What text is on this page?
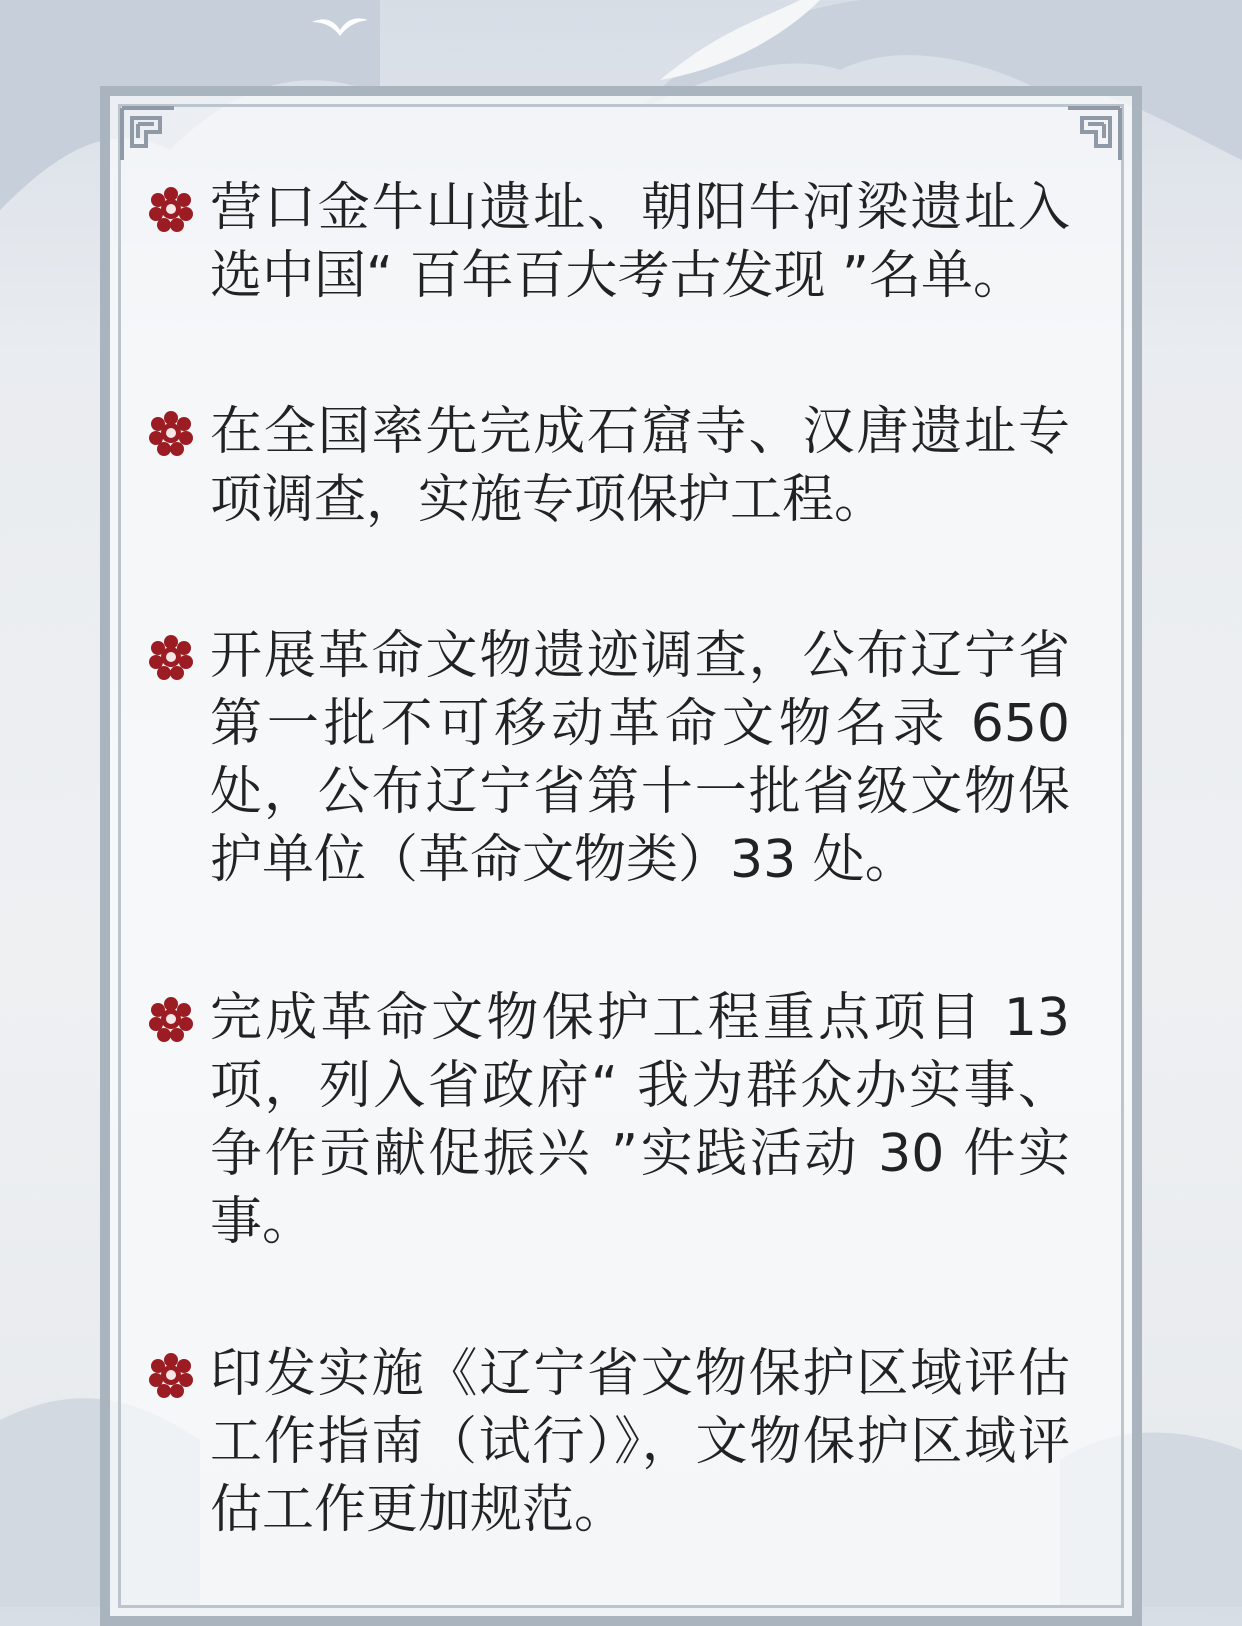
营口金牛山遗址、朝阳牛河梁遗址入选中国“ 百年百大考古发现 ”名单。
在全国率先完成石窟寺、汉唐遗址专项调查，实施专项保护工程。
开展革命文物遗迹调查，公布辽宁省第一批不可移动革命文物名录 650 处，公布辽宁省第十一批省级文物保护单位（革命文物类）33 处。
完成革命文物保护工程重点项目 13 项，列入省政府“ 我为群众办实事、争作贡献促振兴 ”实践活动 30 件实事。
印发实施《辽宁省文物保护区域评估工作指南（试行）》，文物保护区域评估工作更加规范。
